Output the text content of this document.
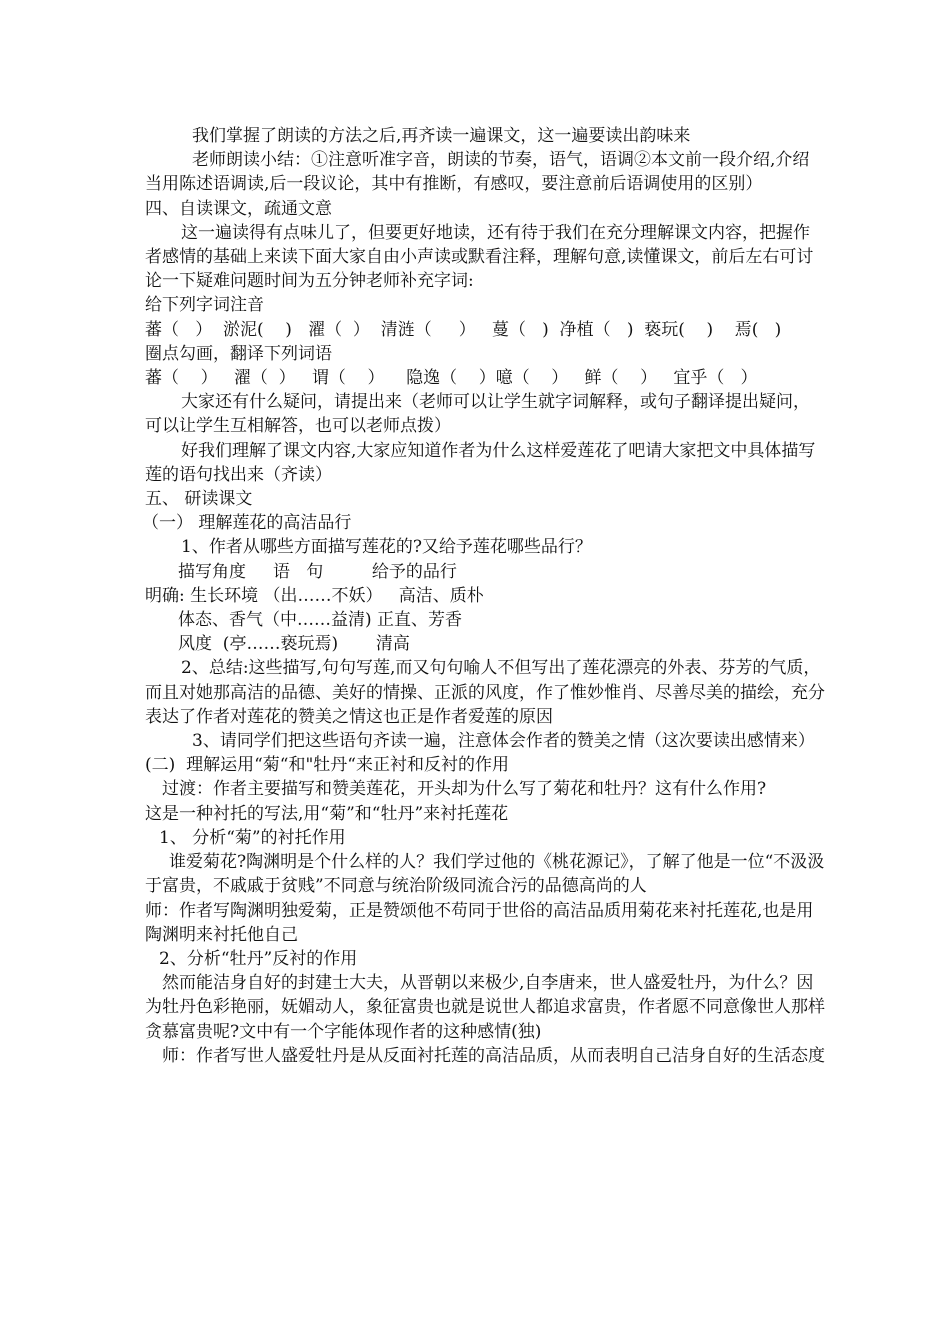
我们掌握了朗读的方法之后,再齐读一遍课文，这一遍要读出韵味来

老师朗读小结：①注意听准字音，朗读的节奏，语气，语调②本文前一段介绍,介绍当用陈述语调读,后一段议论，其中有推断，有感叹，要注意前后语调使用的区别）

四、自读课文，疏通文意

这一遍读得有点味儿了，但要更好地读，还有待于我们在充分理解课文内容，把握作者感情的基础上来读下面大家自由小声读或默看注释，理解句意,读懂课文，前后左右可讨论一下疑难问题时间为五分钟老师补充字词:

给下列字词注音

蕃（   ）  淤泥(    )   濯（  ）  清涟（     ）   蔓（   )  净植（   )  亵玩(    )    焉(   )

圈点勾画，翻译下列词语

蕃（    ）   濯（  ）   谓（    ）    隐逸（    ）噫（    ）   鲜（    ）   宜乎（   ）

大家还有什么疑问，请提出来（老师可以让学生就字词解释，或句子翻译提出疑问，可以让学生互相解答，也可以老师点拨）

好我们理解了课文内容,大家应知道作者为什么这样爱莲花了吧请大家把文中具体描写莲的语句找出来（齐读）

五、 研读课文

（一） 理解莲花的高洁品行

1、作者从哪些方面描写莲花的?又给予莲花哪些品行？

描写角度     语   句         给予的品行

明确: 生长环境 （出……不妖）   高洁、质朴

体态、香气（中……益清) 正直、芳香

风度  (亭……亵玩焉)       清高

2、总结:这些描写,句句写莲,而又句句喻人不但写出了莲花漂亮的外表、芬芳的气质，而且对她那高洁的品德、美好的情操、正派的风度，作了惟妙惟肖、尽善尽美的描绘，充分表达了作者对莲花的赞美之情这也正是作者爱莲的原因

3、请同学们把这些语句齐读一遍，注意体会作者的赞美之情（这次要读出感情来）

(二)  理解运用“菊“和"牡丹“来正衬和反衬的作用

过渡：作者主要描写和赞美莲花，开头却为什么写了菊花和牡丹？这有什么作用?

这是一种衬托的写法,用“菊”和“牡丹”来衬托莲花

1、 分析“菊”的衬托作用

谁爱菊花?陶渊明是个什么样的人？我们学过他的《桃花源记》，了解了他是一位“不汲汲于富贵，不戚戚于贫贱”不同意与统治阶级同流合污的品德高尚的人

师：作者写陶渊明独爱菊，正是赞颂他不苟同于世俗的高洁品质用菊花来衬托莲花,也是用陶渊明来衬托他自己

2、分析“牡丹”反衬的作用

然而能洁身自好的封建士大夫，从晋朝以来极少,自李唐来，世人盛爱牡丹，为什么？因为牡丹色彩艳丽，妩媚动人，象征富贵也就是说世人都追求富贵，作者愿不同意像世人那样贪慕富贵呢?文中有一个字能体现作者的这种感情(独)

师：作者写世人盛爱牡丹是从反面衬托莲的高洁品质，从而表明自己洁身自好的生活态度
